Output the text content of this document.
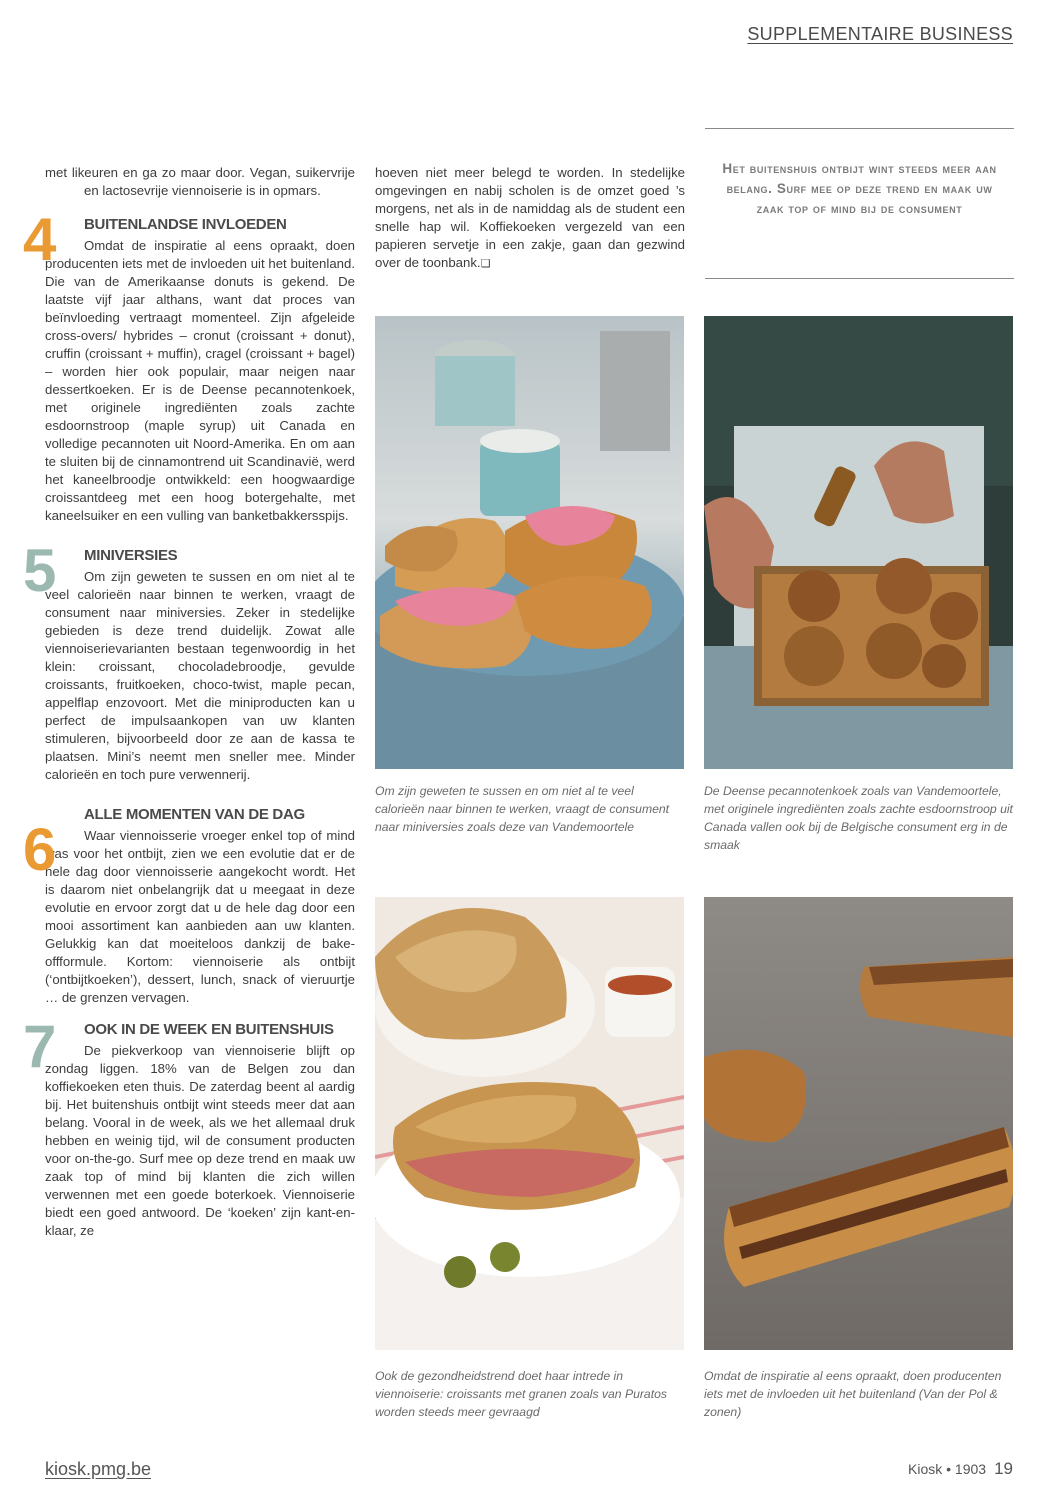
SUPPLEMENTAIRE BUSINESS

met likeuren en ga zo maar door. Vegan, suikervrije en lactosevrije viennoiserie is in opmars.

4	BUITENLANDSE INVLOEDEN

Omdat de inspiratie al eens opraakt, doen producenten iets met de invloeden uit het buitenland. Die van de Amerikaanse donuts is gekend. De laatste vijf jaar althans, want dat proces van beïnvloeding vertraagt momenteel. Zijn afgeleide cross-overs/ hybrides – cronut (croissant + donut), cruffin (croissant + muffin), cragel (croissant + bagel) – worden hier ook populair, maar neigen naar dessertkoeken. Er is de Deense pecannotenkoek, met originele ingrediënten zoals zachte esdoornstroop (maple syrup) uit Canada en volledige pecannoten uit Noord-Amerika. En om aan te sluiten bij de cinnamontrend uit Scandinavië, werd het kaneelbroodje ontwikkeld: een hoogwaardige croissantdeeg met een hoog botergehalte, met kaneelsuiker en een vulling van banketbakkersspijs.

5	MINIVERSIES

Om zijn geweten te sussen en om niet al te veel calorieën naar binnen te werken, vraagt de consument naar miniversies. Zeker in stedelijke gebieden is deze trend duidelijk. Zowat alle viennoiserievarianten bestaan tegenwoordig in het klein: croissant, chocoladebroodje, gevulde croissants, fruitkoeken, choco-twist, maple pecan, appelflap enzovoort. Met die miniproducten kan u perfect de impulsaankopen van uw klanten stimuleren, bijvoorbeeld door ze aan de kassa te plaatsen. Mini’s neemt men sneller mee. Minder calorieën en toch pure verwennerij.

6
ALLE MOMENTEN VAN DE DAG

Waar viennoisserie vroeger enkel top of mind was voor het ontbijt, zien we een evolutie dat er de hele dag door viennoisserie aangekocht wordt. Het is daarom niet onbelangrijk dat u meegaat in deze evolutie en ervoor zorgt dat u de hele dag door een mooi assortiment kan aanbieden aan uw klanten. Gelukkig kan dat moeiteloos dankzij de bake-offformule. Kortom: viennoiserie als ontbijt (‘ontbijtkoeken’), dessert, lunch, snack of vieruurtje … de grenzen vervagen.

7	OOK IN DE WEEK EN BUITENSHUIS

De piekverkoop van viennoiserie blijft op zondag liggen. 18% van de Belgen zou dan koffiekoeken eten thuis. De zaterdag beent al aardig bij. Het buitenshuis ontbijt wint steeds meer dat aan belang. Vooral in de week, als we het allemaal druk hebben en weinig tijd, wil de consument producten voor on-the-go. Surf mee op deze trend en maak uw zaak top of mind bij klanten die zich willen verwennen met een goede boterkoek. Viennoiserie biedt een goed antwoord. De ‘koeken’ zijn kant-en-klaar, ze

hoeven niet meer belegd te worden. In stedelijke omgevingen en nabij scholen is de omzet goed ’s morgens, net als in de namiddag als de student een snelle hap wil. Koffiekoeken vergezeld van een papieren servetje in een zakje, gaan dan gezwind over de toonbank.❏

Het buitenshuis ontbijt wint steeds meer aan belang. Surf mee op deze trend en maak uw zaak top of mind bij de consument

Om zijn geweten te sussen en om niet al te veel calorieën naar binnen te werken, vraagt de consument naar miniversies zoals deze van Vandemoortele
De Deense pecannotenkoek zoals van Vandemoortele, met originele ingrediënten zoals zachte esdoornstroop uit Canada vallen ook bij de Belgische consument erg in de smaak
Ook de gezondheidstrend doet haar intrede in viennoiserie: croissants met granen zoals van Puratos worden steeds meer gevraagd
Omdat de inspiratie al eens opraakt, doen producenten iets met de invloeden uit het buitenland (Van der Pol & zonen)
kiosk.pmg.be	Kiosk • 1903 19
